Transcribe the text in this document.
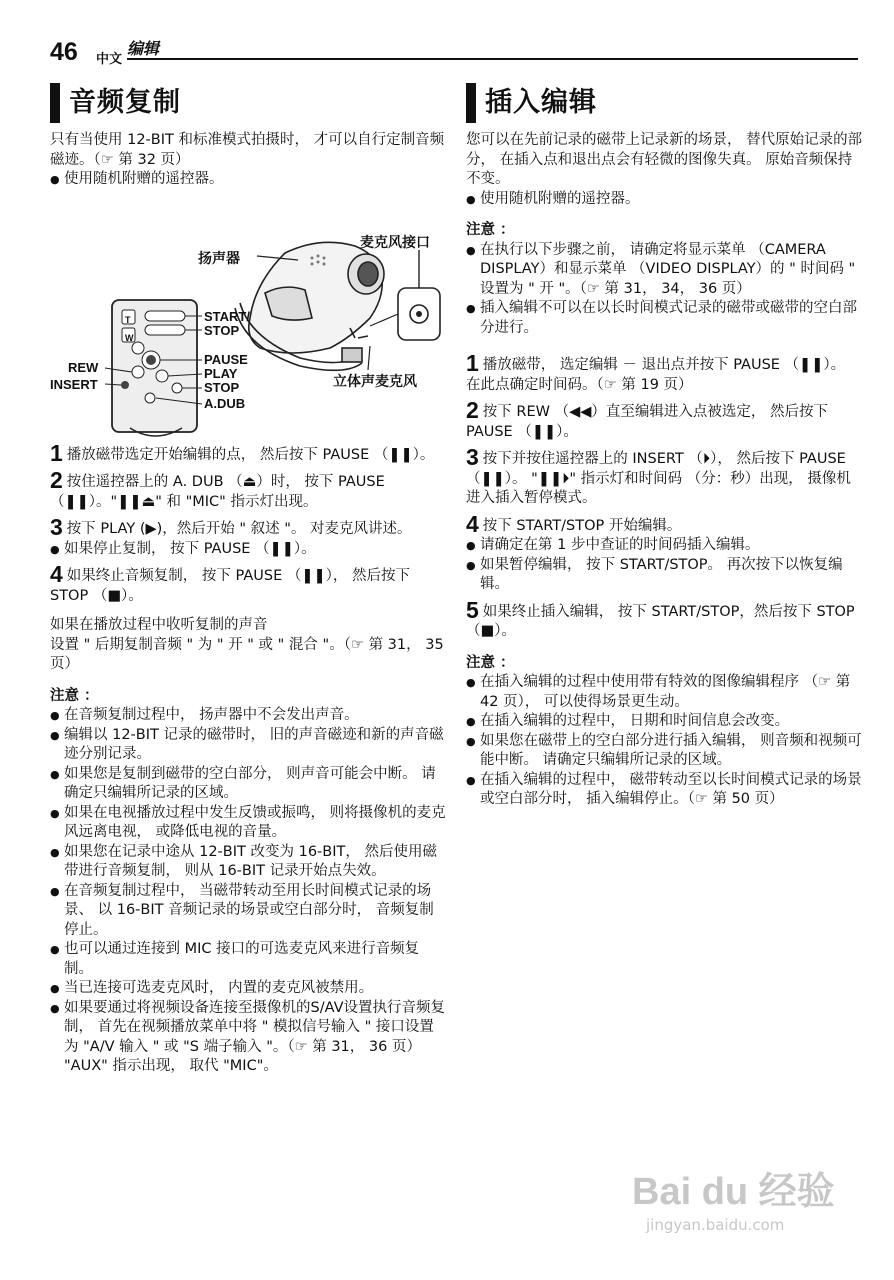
46 中文
编辑
音频复制

只有当使用 12-BIT 和标准模式拍摄时， 才可以自行定制音频磁迹。（☞ 第 32 页）

● 使用随机附赠的遥控器。

麦克风接口
扬声器
立体声麦克风
T
W
START/
STOP
PAUSE
REW	PLAY
INSERT	STOP
A.DUB

1 播放磁带选定开始编辑的点， 然后按下 PAUSE （❚❚）。

2 按住遥控器上的 A. DUB （⏏）时， 按下 PAUSE （❚❚）。"❚❚⏏" 和 "MIC" 指示灯出现。

3 按下 PLAY (▶)，然后开始 " 叙述 "。 对麦克风讲述。

● 如果停止复制， 按下 PAUSE （❚❚）。

4 如果终止音频复制， 按下 PAUSE （❚❚）， 然后按下 STOP （■）。

如果在播放过程中收听复制的声音

设置 " 后期复制音频 " 为 " 开 " 或 " 混合 "。（☞ 第 31， 35 页）

注意 ：

● 在音频复制过程中， 扬声器中不会发出声音。

● 编辑以 12-BIT 记录的磁带时， 旧的声音磁迹和新的声音磁迹分别记录。

● 如果您是复制到磁带的空白部分， 则声音可能会中断。 请确定只编辑所记录的区域。

● 如果在电视播放过程中发生反馈或振鸣， 则将摄像机的麦克风远离电视， 或降低电视的音量。

● 如果您在记录中途从 12-BIT 改变为 16-BIT， 然后使用磁带进行音频复制， 则从 16-BIT 记录开始点失效。

● 在音频复制过程中， 当磁带转动至用长时间模式记录的场景、 以 16-BIT 音频记录的场景或空白部分时， 音频复制停止。

● 也可以通过连接到 MIC 接口的可选麦克风来进行音频复制。

● 当已连接可选麦克风时， 内置的麦克风被禁用。

● 如果要通过将视频设备连接至摄像机的S/AV设置执行音频复制， 首先在视频播放菜单中将 " 模拟信号输入 " 接口设置为 "A/V 输入 " 或 "S 端子输入 "。（☞ 第 31， 36 页）

"AUX" 指示出现， 取代 "MIC"。

插入编辑

您可以在先前记录的磁带上记录新的场景， 替代原始记录的部分， 在插入点和退出点会有轻微的图像失真。 原始音频保持不变。

● 使用随机附赠的遥控器。

注意 ：

● 在执行以下步骤之前， 请确定将显示菜单 （CAMERA DISPLAY）和显示菜单 （VIDEO DISPLAY）的 " 时间码 " 设置为 " 开 "。（☞ 第 31， 34， 36 页）

● 插入编辑不可以在以长时间模式记录的磁带或磁带的空白部分进行。

1 播放磁带， 选定编辑 － 退出点并按下 PAUSE （❚❚）。 在此点确定时间码。（☞ 第 19 页）

2 按下 REW （◀◀）直至编辑进入点被选定， 然后按下 PAUSE （❚❚）。

3 按下并按住遥控器上的 INSERT （⏵）， 然后按下 PAUSE （❚❚）。 "❚❚⏵" 指示灯和时间码 （分：秒）出现， 摄像机进入插入暂停模式。

4 按下 START/STOP 开始编辑。

● 请确定在第 1 步中查证的时间码插入编辑。

● 如果暂停编辑， 按下 START/STOP。 再次按下以恢复编辑。

5 如果终止插入编辑， 按下 START/STOP，然后按下 STOP （■）。

注意 ：

● 在插入编辑的过程中使用带有特效的图像编辑程序 （☞ 第 42 页）， 可以使得场景更生动。

● 在插入编辑的过程中， 日期和时间信息会改变。

● 如果您在磁带上的空白部分进行插入编辑， 则音频和视频可能中断。 请确定只编辑所记录的区域。

● 在插入编辑的过程中， 磁带转动至以长时间模式记录的场景或空白部分时， 插入编辑停止。（☞ 第 50 页）

Bai du 经验
jingyan.baidu.com
